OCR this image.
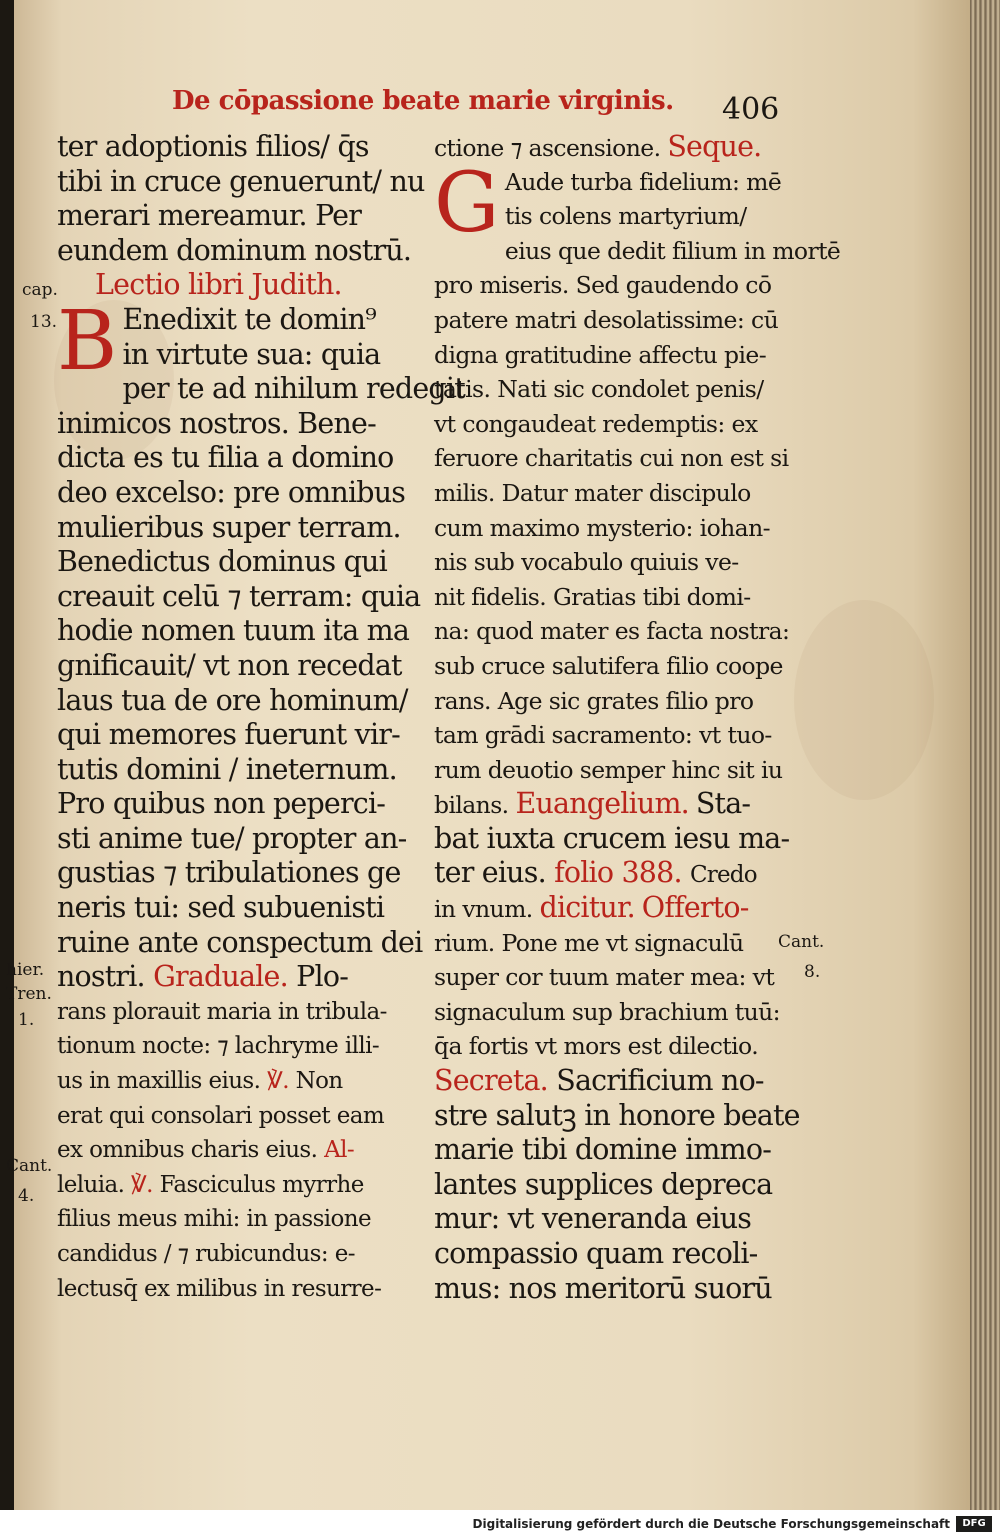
De cōpassione beate marie virginis. 406
cap.
13.
hier.
Tren.
1.
Cant.
4.
Cant.
8.
ter adoptionis filios/ q̄s
tibi in cruce genuerunt/ nu
merari mereamur. Per
eundem dominum nostrū.
Lectio libri Judith.
B Enedixit te domin⁹
in virtute sua: quia
per te ad nihilum redegit
inimicos nostros. Bene-
dicta es tu filia a domino
deo excelso: pre omnibus
mulieribus super terram.
Benedictus dominus qui
creauit celū ⁊ terram: quia
hodie nomen tuum ita ma
gnificauit/ vt non recedat
laus tua de ore hominum/
qui memores fuerunt vir-
tutis domini / ineternum.
Pro quibus non peperci-
sti anime tue/ propter an-
gustias ⁊ tribulationes ge
neris tui: sed subuenisti
ruine ante conspectum dei
nostri. Graduale. Plo-
rans plorauit maria in tribula-
tionum nocte: ⁊ lachryme illi-
us in maxillis eius. ℣. Non
erat qui consolari posset eam
ex omnibus charis eius. Al-
leluia. ℣. Fasciculus myrrhe
filius meus mihi: in passione
candidus / ⁊ rubicundus: e-
lectusq̄ ex milibus in resurre-
ctione ⁊ ascensione. Seque.
G Aude turba fidelium: mē
tis colens martyrium/
eius que dedit filium in mortē
pro miseris. Sed gaudendo cō
patere matri desolatissime: cū
digna gratitudine affectu pie-
tatis. Nati sic condolet penis/
vt congaudeat redemptis: ex
feruore charitatis cui non est si
milis. Datur mater discipulo
cum maximo mysterio: iohan-
nis sub vocabulo quiuis ve-
nit fidelis. Gratias tibi domi-
na: quod mater es facta nostra:
sub cruce salutifera filio coope
rans. Age sic grates filio pro
tam grādi sacramento: vt tuo-
rum deuotio semper hinc sit iu
bilans. Euangelium. Sta-
bat iuxta crucem iesu ma-
ter eius. folio 388. Credo
in vnum. dicitur. Offerto-
rium. Pone me vt signaculū
super cor tuum mater mea: vt
signaculum sup brachium tuū:
q̄a fortis vt mors est dilectio.
Secreta. Sacrificium no-
stre salutꝫ in honore beate
marie tibi domine immo-
lantes supplices depreca
mur: vt veneranda eius
compassio quam recoli-
mus: nos meritorū suorū
Digitalisierung gefördert durch die Deutsche Forschungsgemeinschaft	DFG
